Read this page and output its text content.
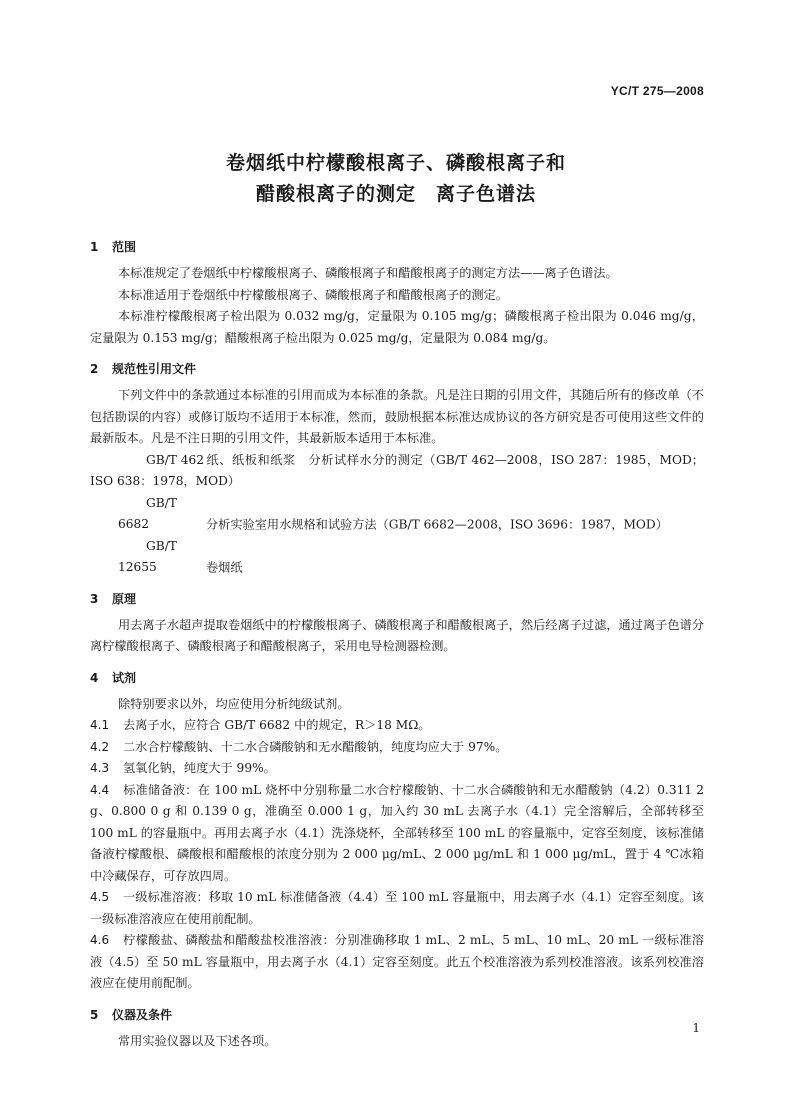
YC/T 275—2008
卷烟纸中柠檬酸根离子、磷酸根离子和
醋酸根离子的测定　离子色谱法
1 范围
本标准规定了卷烟纸中柠檬酸根离子、磷酸根离子和醋酸根离子的测定方法——离子色谱法。
本标准适用于卷烟纸中柠檬酸根离子、磷酸根离子和醋酸根离子的测定。
本标准柠檬酸根离子检出限为 0.032 mg/g，定量限为 0.105 mg/g；磷酸根离子检出限为 0.046 mg/g，定量限为 0.153 mg/g；醋酸根离子检出限为 0.025 mg/g，定量限为 0.084 mg/g。
2 规范性引用文件
下列文件中的条款通过本标准的引用而成为本标准的条款。凡是注日期的引用文件，其随后所有的修改单（不包括勘误的内容）或修订版均不适用于本标准，然而，鼓励根据本标准达成协议的各方研究是否可使用这些文件的最新版本。凡是不注日期的引用文件，其最新版本适用于本标准。
GB/T 462 纸、纸板和纸浆　分析试样水分的测定（GB/T 462—2008，ISO 287：1985，MOD；ISO 638：1978，MOD）
GB/T 6682	分析实验室用水规格和试验方法（GB/T 6682—2008，ISO 3696：1987，MOD）
GB/T 12655	卷烟纸
3 原理
用去离子水超声提取卷烟纸中的柠檬酸根离子、磷酸根离子和醋酸根离子，然后经离子过滤，通过离子色谱分离柠檬酸根离子、磷酸根离子和醋酸根离子，采用电导检测器检测。
4 试剂
除特别要求以外，均应使用分析纯级试剂。
4.1 去离子水，应符合 GB/T 6682 中的规定，R＞18 MΩ。
4.2 二水合柠檬酸钠、十二水合磷酸钠和无水醋酸钠，纯度均应大于 97%。
4.3 氢氧化钠，纯度大于 99%。
4.4 标准储备液：在 100 mL 烧杯中分别称量二水合柠檬酸钠、十二水合磷酸钠和无水醋酸钠（4.2）0.311 2 g、0.800 0 g 和 0.139 0 g，准确至 0.000 1 g，加入约 30 mL 去离子水（4.1）完全溶解后，全部转移至 100 mL 的容量瓶中。再用去离子水（4.1）洗涤烧杯，全部转移至 100 mL 的容量瓶中，定容至刻度，该标准储备液柠檬酸根、磷酸根和醋酸根的浓度分别为 2 000 μg/mL、2 000 μg/mL 和 1 000 μg/mL，置于 4 ℃冰箱中冷藏保存，可存放四周。
4.5 一级标准溶液：移取 10 mL 标准储备液（4.4）至 100 mL 容量瓶中，用去离子水（4.1）定容至刻度。该一级标准溶液应在使用前配制。
4.6 柠檬酸盐、磷酸盐和醋酸盐校准溶液：分别准确移取 1 mL、2 mL、5 mL、10 mL、20 mL 一级标准溶液（4.5）至 50 mL 容量瓶中，用去离子水（4.1）定容至刻度。此五个校准溶液为系列校准溶液。该系列校准溶液应在使用前配制。
5 仪器及条件
常用实验仪器以及下述各项。
1
